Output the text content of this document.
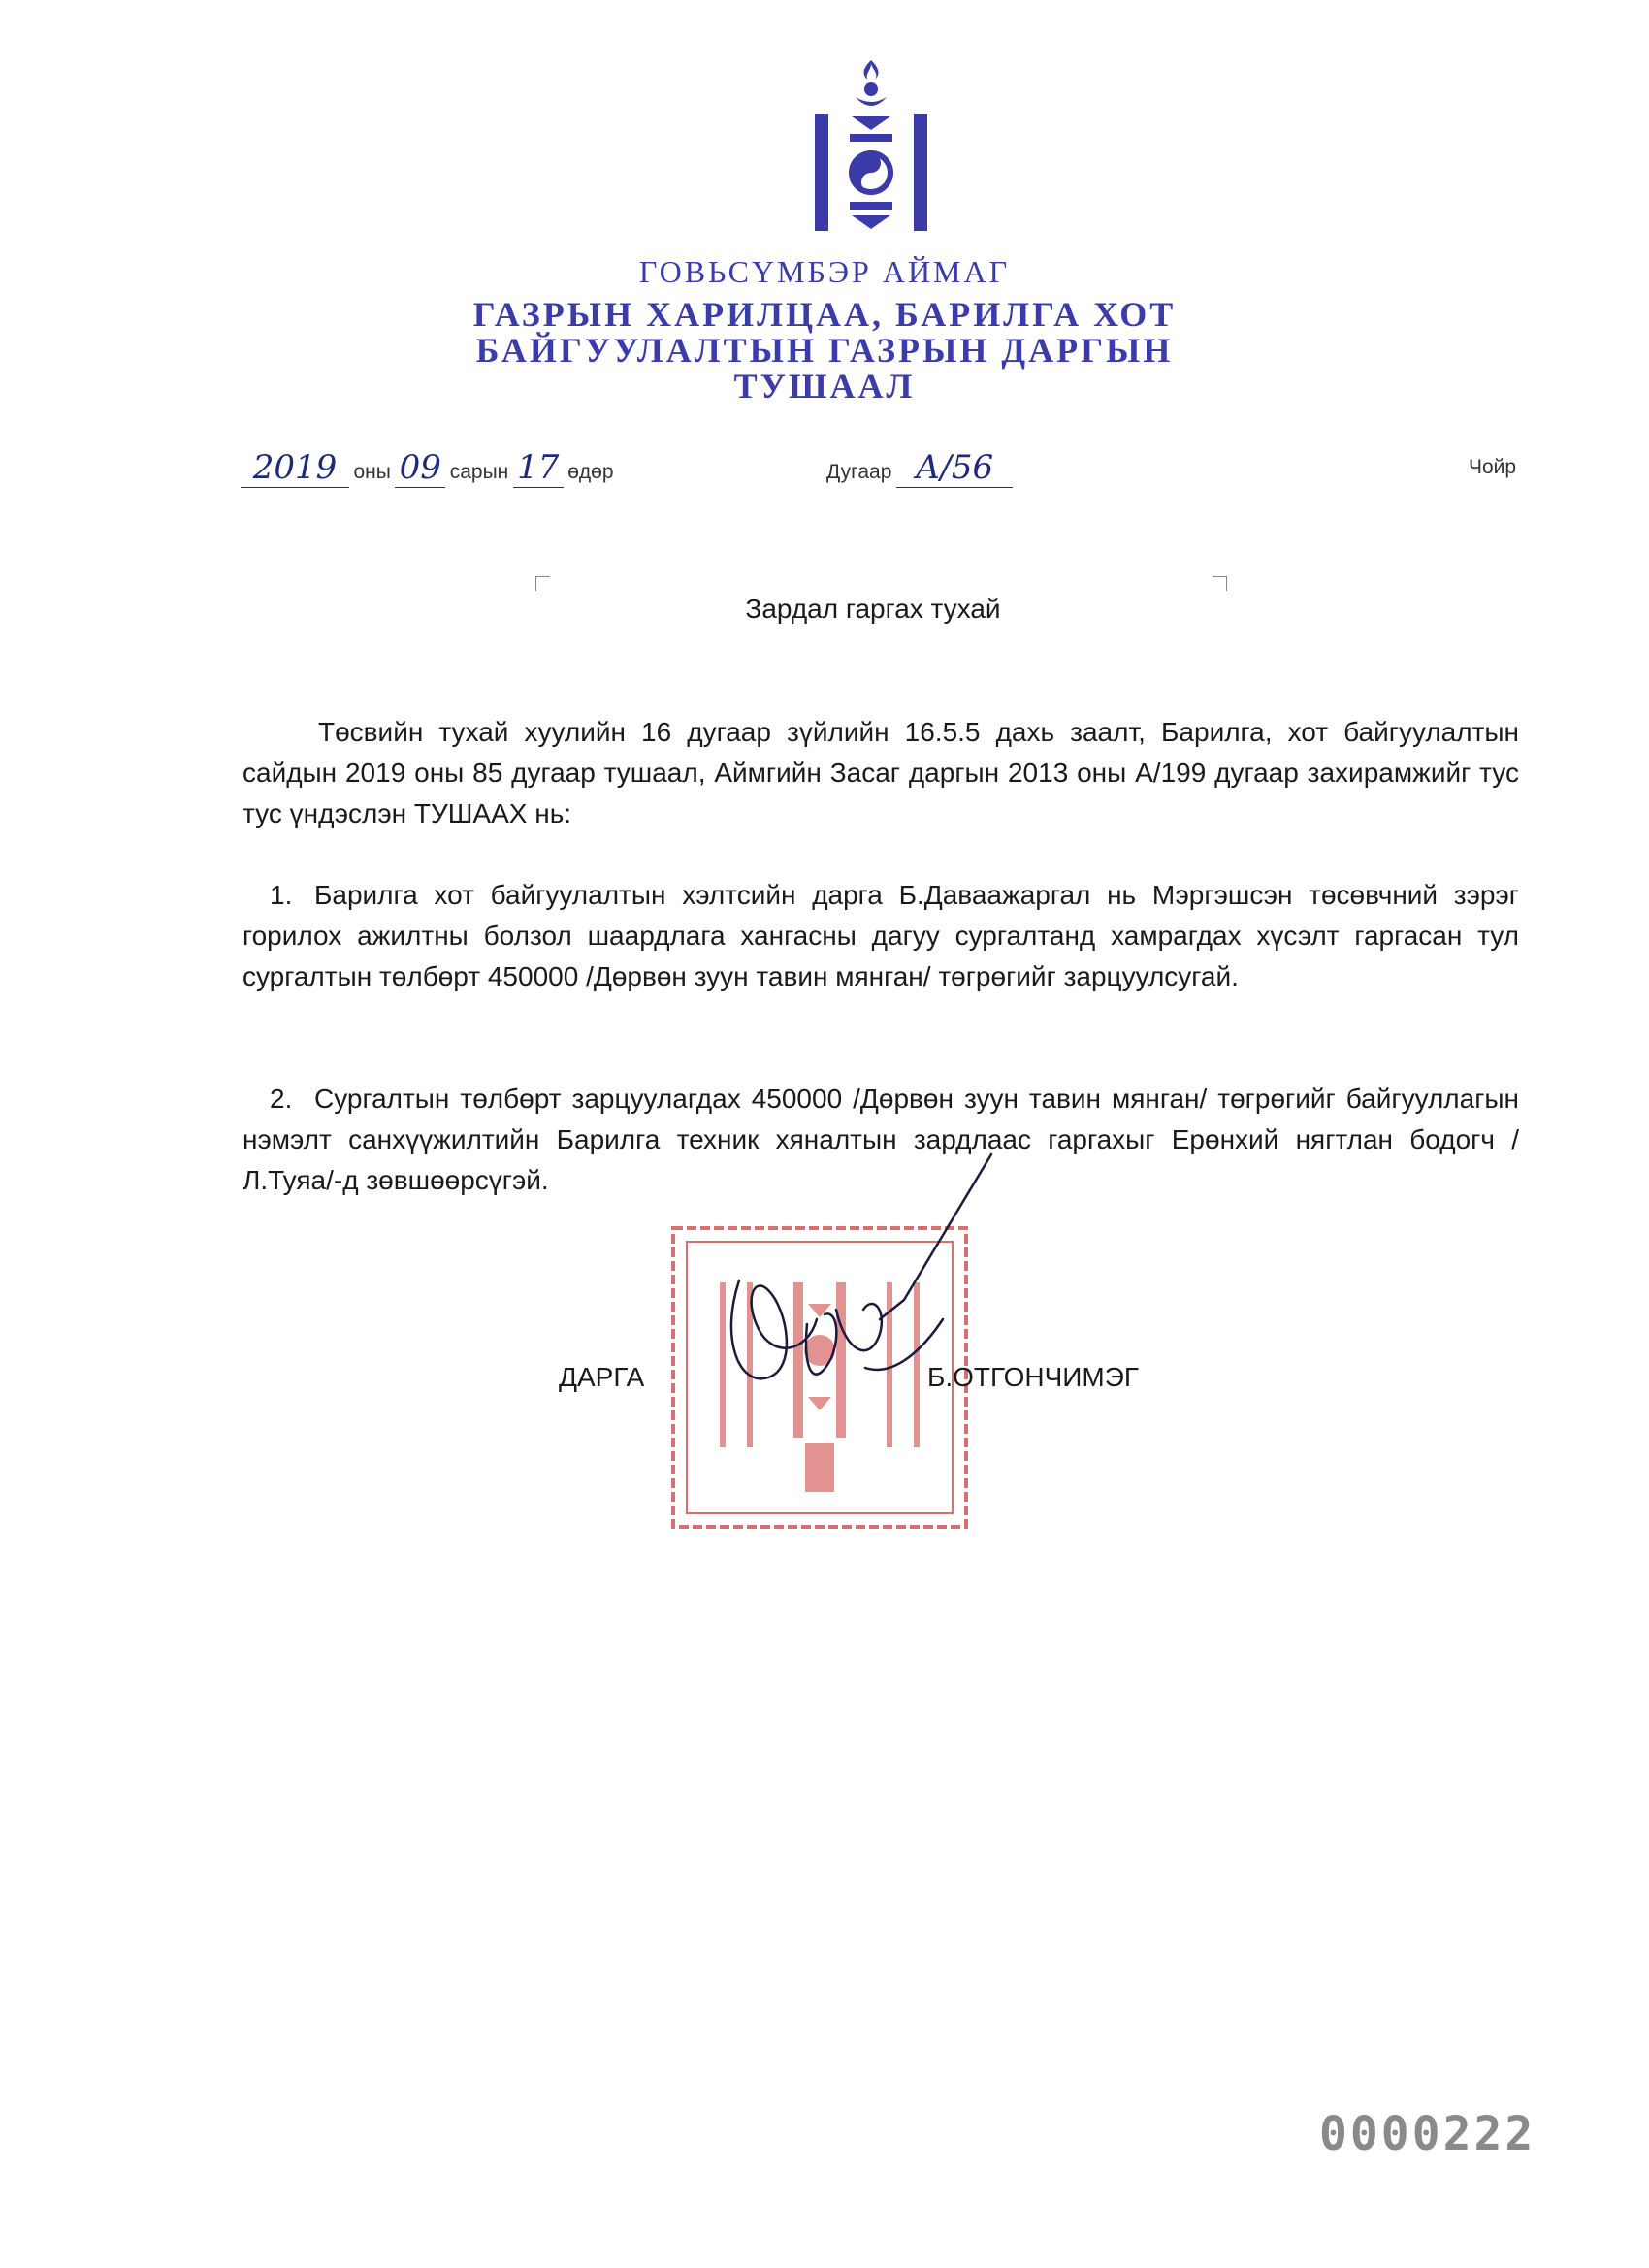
ГОВЬСҮМБЭР АЙМАГ
ГАЗРЫН ХАРИЛЦАА, БАРИЛГА ХОТ
БАЙГУУЛАЛТЫН ГАЗРЫН ДАРГЫН
ТУШААЛ
2019 оны 09 сарын 17 өдөр	Дугаар А/56	Чойр
Зардал гаргах тухай
Төсвийн тухай хуулийн 16 дугаар зүйлийн 16.5.5 дахь заалт, Барилга, хот байгуулалтын сайдын 2019 оны 85 дугаар тушаал, Аймгийн Засаг даргын 2013 оны А/199 дугаар захирамжийг тус тус үндэслэн ТУШААХ нь:
1. Барилга хот байгуулалтын хэлтсийн дарга Б.Даваажаргал нь Мэргэшсэн төсөвчний зэрэг горилох ажилтны болзол шаардлага хангасны дагуу сургалтанд хамрагдах хүсэлт гаргасан тул сургалтын төлбөрт 450000 /Дөрвөн зуун тавин мянган/ төгрөгийг зарцуулсугай.
2. Сургалтын төлбөрт зарцуулагдах 450000 /Дөрвөн зуун тавин мянган/ төгрөгийг байгууллагын нэмэлт санхүүжилтийн Барилга техник хяналтын зардлаас гаргахыг Ерөнхий нягтлан бодогч /Л.Туяа/-д зөвшөөрсүгэй.
ДАРГА	Б.ОТГОНЧИМЭГ
0000222
